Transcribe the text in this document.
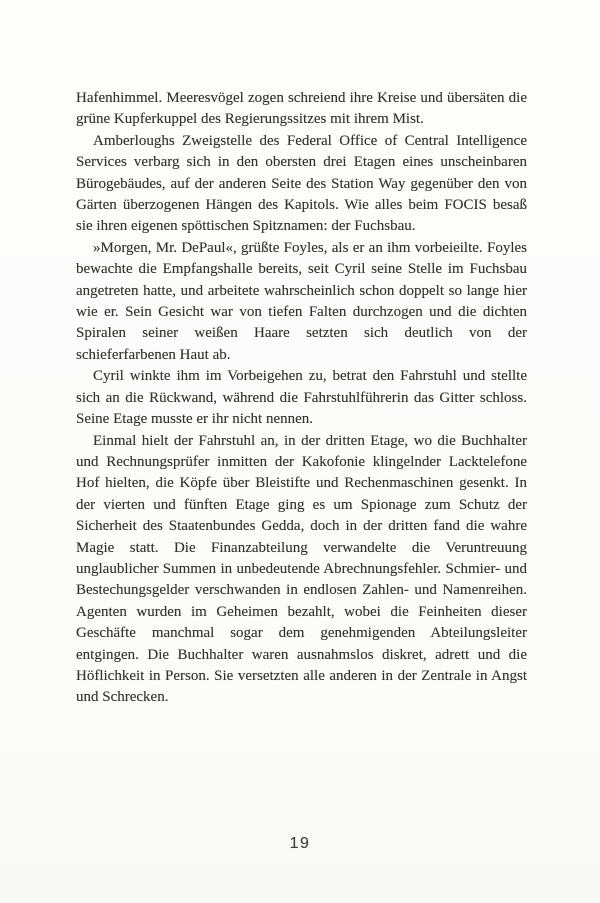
Hafenhimmel. Meeresvögel zogen schreiend ihre Kreise und übersäten die grüne Kupferkuppel des Regierungssitzes mit ihrem Mist.

Amberloughs Zweigstelle des Federal Office of Central Intelligence Services verbarg sich in den obersten drei Etagen eines unscheinbaren Bürogebäudes, auf der anderen Seite des Station Way gegenüber den von Gärten überzogenen Hängen des Kapitols. Wie alles beim FOCIS besaß sie ihren eigenen spöttischen Spitznamen: der Fuchsbau.

»Morgen, Mr. DePaul«, grüßte Foyles, als er an ihm vorbeieilte. Foyles bewachte die Empfangshalle bereits, seit Cyril seine Stelle im Fuchsbau angetreten hatte, und arbeitete wahrscheinlich schon doppelt so lange hier wie er. Sein Gesicht war von tiefen Falten durchzogen und die dichten Spiralen seiner weißen Haare setzten sich deutlich von der schieferfarbenen Haut ab.

Cyril winkte ihm im Vorbeigehen zu, betrat den Fahrstuhl und stellte sich an die Rückwand, während die Fahrstuhlführerin das Gitter schloss. Seine Etage musste er ihr nicht nennen.

Einmal hielt der Fahrstuhl an, in der dritten Etage, wo die Buchhalter und Rechnungsprüfer inmitten der Kakofonie klingelnder Lacktelefone Hof hielten, die Köpfe über Bleistifte und Rechenmaschinen gesenkt. In der vierten und fünften Etage ging es um Spionage zum Schutz der Sicherheit des Staatenbundes Gedda, doch in der dritten fand die wahre Magie statt. Die Finanzabteilung verwandelte die Veruntreuung unglaublicher Summen in unbedeutende Abrechnungsfehler. Schmier- und Bestechungsgelder verschwanden in endlosen Zahlen- und Namenreihen. Agenten wurden im Geheimen bezahlt, wobei die Feinheiten dieser Geschäfte manchmal sogar dem genehmigenden Abteilungsleiter entgingen. Die Buchhalter waren ausnahmslos diskret, adrett und die Höflichkeit in Person. Sie versetzten alle anderen in der Zentrale in Angst und Schrecken.

19
